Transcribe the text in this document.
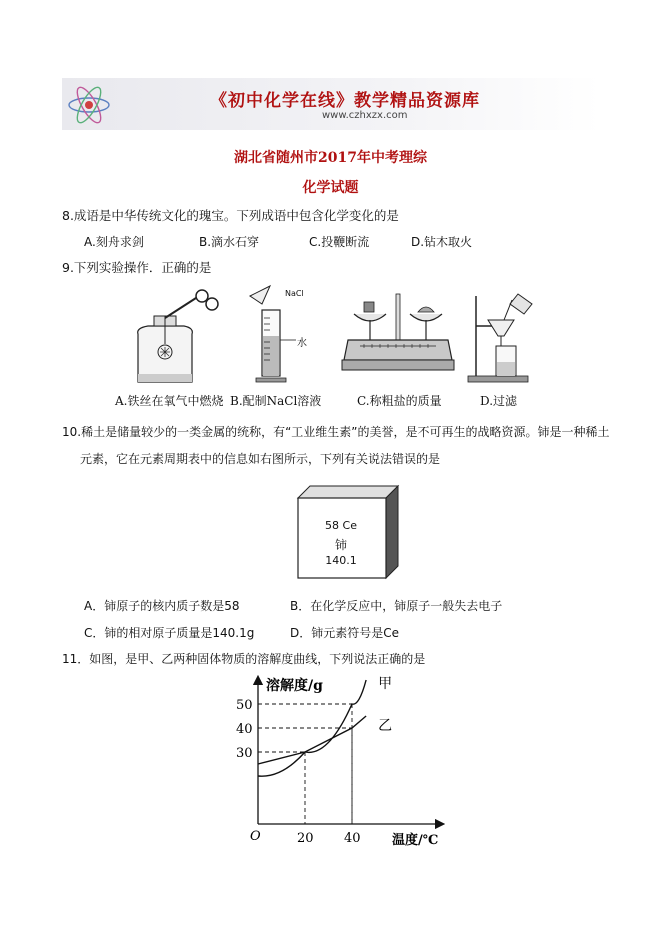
《初中化学在线》教学精品资源库
www.czhxzx.com
湖北省随州市2017年中考理综
化学试题
8.成语是中华传统文化的瑰宝。下列成语中包含化学变化的是
A.刻舟求剑	B.滴水石穿	C.投鞭断流	D.钻木取火
9.下列实验操作．正确的是
NaCl
水
A.铁丝在氧气中燃烧 B.配制NaCl溶液	C.称粗盐的质量	D.过滤
10.稀土是储量较少的一类金属的统称，有“工业维生素”的美誉，是不可再生的战略资源。铈是一种稀土
元素，它在元素周期表中的信息如右图所示，下列有关说法错误的是
58 Ce
铈
140.1
A．铈原子的核内质子数是58	B．在化学反应中，铈原子一般失去电子
C．铈的相对原子质量是140.1g	D．铈元素符号是Ce
11．如图，是甲、乙两种固体物质的溶解度曲线，下列说法正确的是
溶解度/g
温度/℃
O
50
40
30
20 40
甲
乙
